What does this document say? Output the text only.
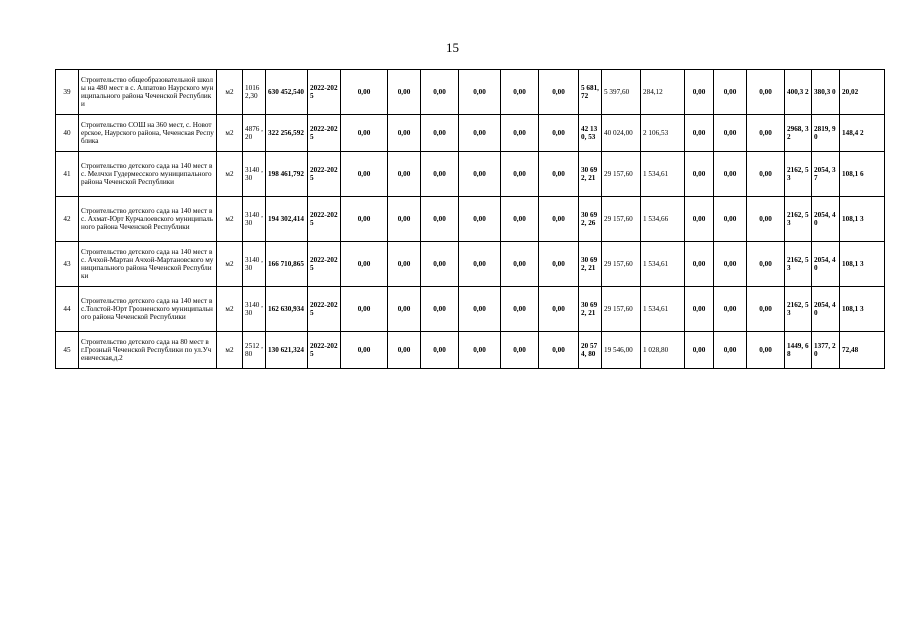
15
39	Строительство общеобразовательной школы на 480 мест в с. Алпатово Наурского муниципального района Чеченской Республики	м2	1016 2,30	630 452,540	2022-2025	0,00	0,00	0,00	0,00	0,00	0,00	5 681, 72	5 397,60	284,12	0,00	0,00	0,00	400,3 2	380,3 0	20,02
40	Строительство СОШ на 360 мест, с. Новотерское, Наурского района, Чеченская Республика	м2	4876 ,20	322 256,592	2022-2025	0,00	0,00	0,00	0,00	0,00	0,00	42 130, 53	40 024,00	2 106,53	0,00	0,00	0,00	2968, 32	2819, 90	148,4 2
41	Строительство детского сада на 140 мест в с. Мелчхи Гудермесского муниципального района Чеченской Республики	м2	3140 ,30	198 461,792	2022-2025	0,00	0,00	0,00	0,00	0,00	0,00	30 692, 21	29 157,60	1 534,61	0,00	0,00	0,00	2162, 53	2054, 37	108,1 6
42	Строительство детского сада на 140 мест в с. Ахмат-Юрт Курчалоевского муниципального района Чеченской Республики	м2	3140 ,30	194 302,414	2022-2025	0,00	0,00	0,00	0,00	0,00	0,00	30 692, 26	29 157,60	1 534,66	0,00	0,00	0,00	2162, 53	2054, 40	108,1 3
43	Строительство детского сада на 140 мест в с. Ачхой-Мартан Ачхой-Мартановского муниципального района Чеченской Республики	м2	3140 ,30	166 710,865	2022-2025	0,00	0,00	0,00	0,00	0,00	0,00	30 692, 21	29 157,60	1 534,61	0,00	0,00	0,00	2162, 53	2054, 40	108,1 3
44	Строительство детского сада на 140 мест в с.Толстой-Юрт Грозненского муниципального района Чеченской Республики	м2	3140 ,30	162 630,934	2022-2025	0,00	0,00	0,00	0,00	0,00	0,00	30 692, 21	29 157,60	1 534,61	0,00	0,00	0,00	2162, 53	2054, 40	108,1 3
45	Строительство детского сада на 80 мест в г.Грозный Чеченской Республики по ул.Ученическая,д.2	м2	2512 ,80	130 621,324	2022-2025	0,00	0,00	0,00	0,00	0,00	0,00	20 574, 80	19 546,00	1 028,80	0,00	0,00	0,00	1449, 68	1377, 20	72,48
